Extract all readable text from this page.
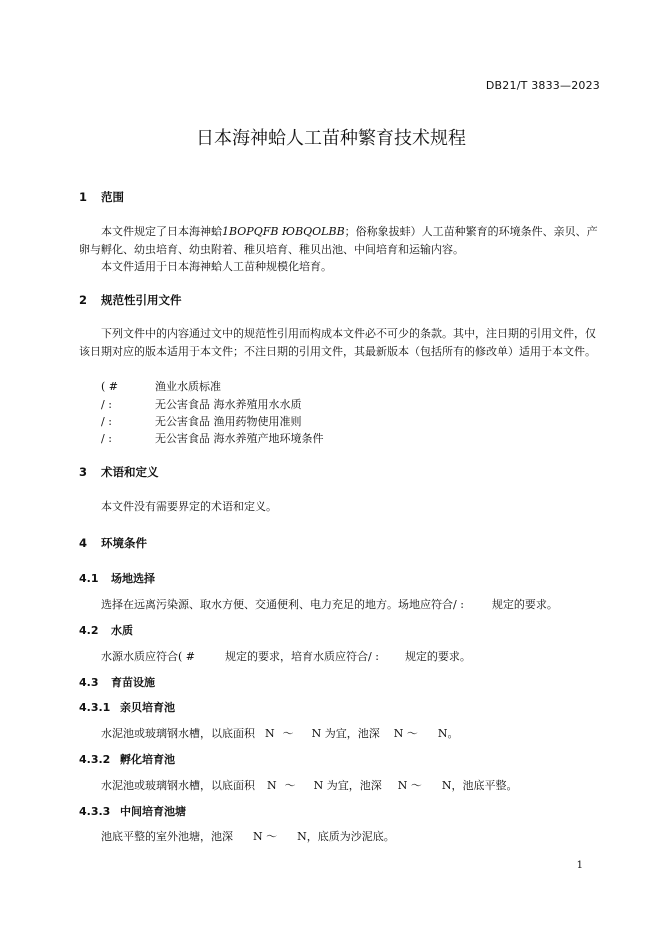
DB21/T 3833—2023
日本海神蛤人工苗种繁育技术规程
1 范围
本文件规定了日本海神蛤1BOPQFB ЮBQOLBB；俗称象拔蚌）人工苗种繁育的环境条件、亲贝、产卵与孵化、幼虫培育、幼虫附着、稚贝培育、稚贝出池、中间培育和运输内容。
本文件适用于日本海神蛤人工苗种规模化培育。
2 规范性引用文件
下列文件中的内容通过文中的规范性引用而构成本文件必不可少的条款。其中，注日期的引用文件，仅该日期对应的版本适用于本文件；不注日期的引用文件，其最新版本（包括所有的修改单）适用于本文件。
( #	渔业水质标准
/ :	无公害食品 海水养殖用水水质
/ :	无公害食品 渔用药物使用准则
/ :	无公害食品 海水养殖产地环境条件
3 术语和定义
本文件没有需要界定的术语和定义。
4 环境条件
4.1 场地选择
选择在远离污染源、取水方便、交通便利、电力充足的地方。场地应符合/ :	规定的要求。
4.2 水质
水源水质应符合( #	规定的要求，培育水质应符合/ : 规定的要求。
4.3 育苗设施
4.3.1 亲贝培育池
水泥池或玻璃钢水槽，以底面积 N ～ N 为宜，池深 N ～ N。
4.3.2 孵化培育池
水泥池或玻璃钢水槽，以底面积 N ～ N 为宜，池深 N ～ N，池底平整。
4.3.3 中间培育池塘
池底平整的室外池塘，池深 N ～ N，底质为沙泥底。
1
